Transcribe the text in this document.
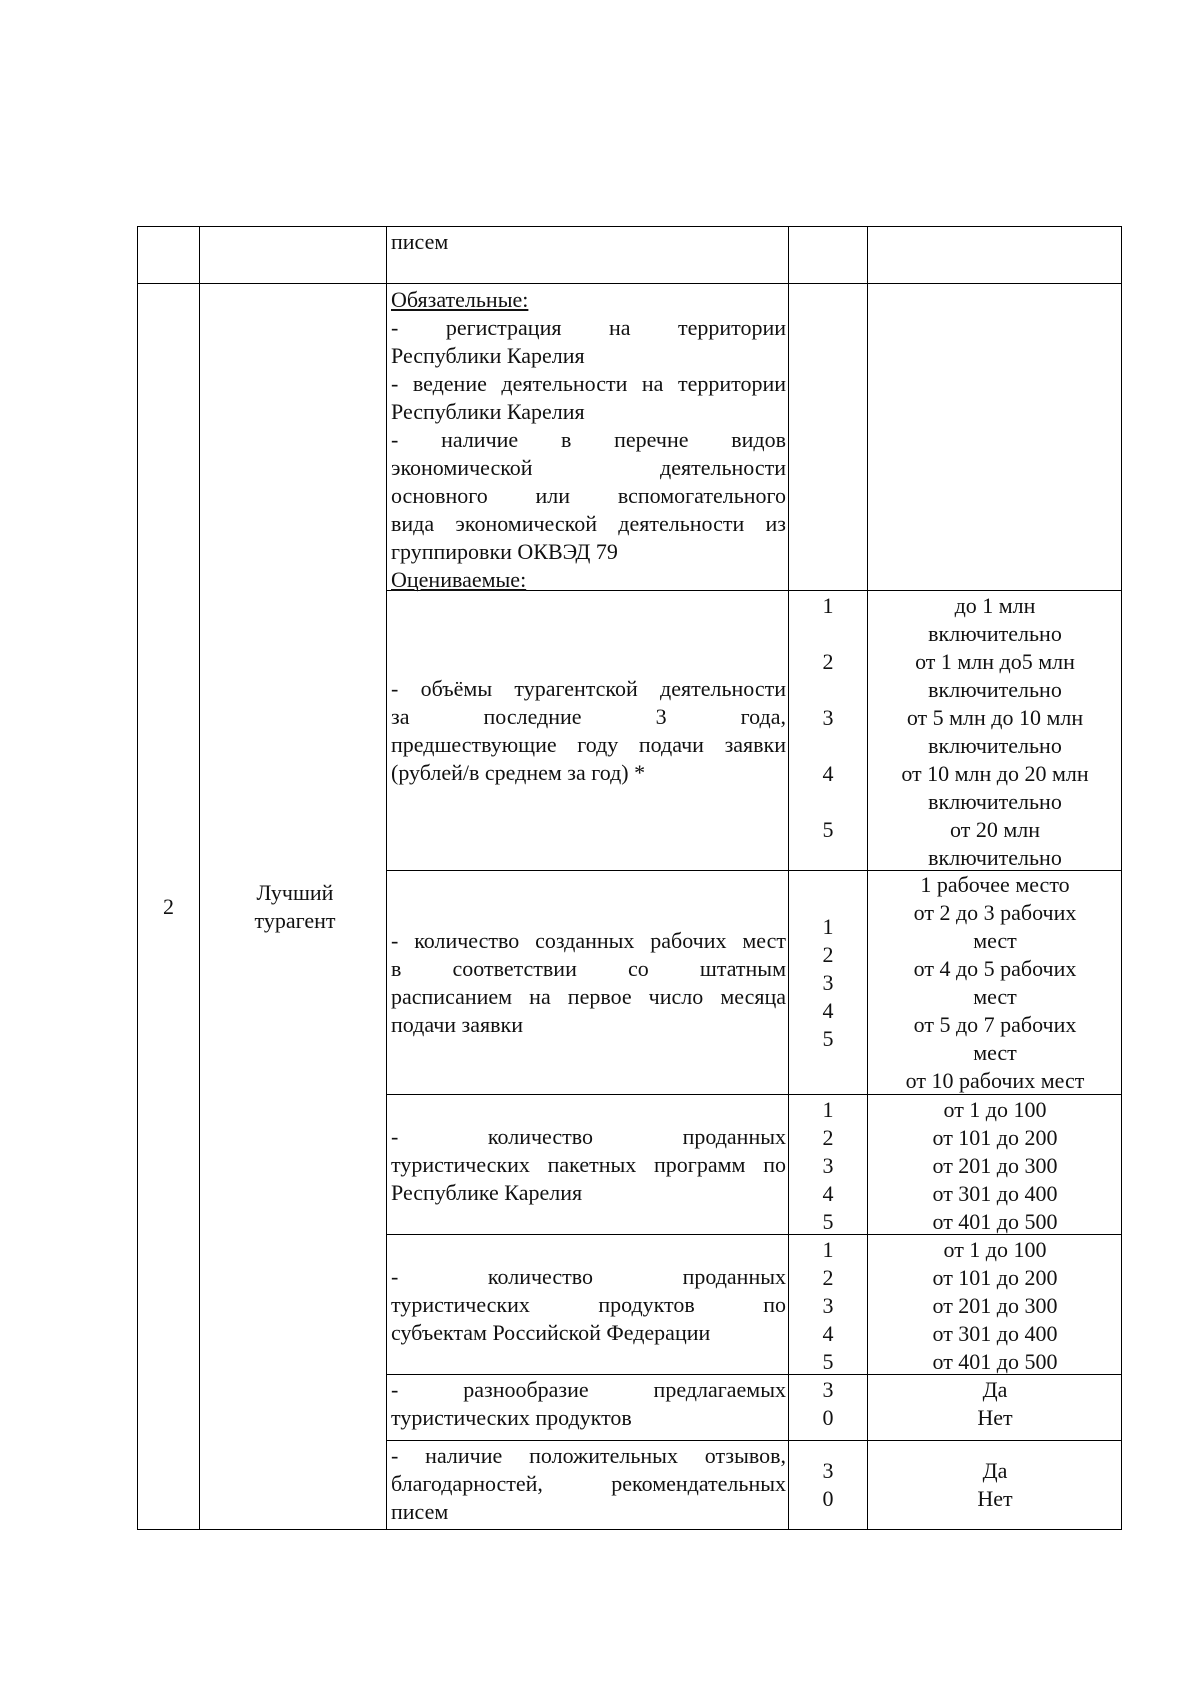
писем
2
Лучший турагент
Обязательные:
- регистрация на территории
Республики Карелия
- ведение деятельности на территории
Республики Карелия
- наличие в перечне видов
экономической деятельности
основного или вспомогательного
вида экономической деятельности из
группировки ОКВЭД 79
Оцениваемые:
- объёмы турагентской деятельности
за последние 3 года,
предшествующие году подачи заявки
(рублей/в среднем за год) *
1
2
3
4
5
до 1 млн
включительно
от 1 млн до5 млн
включительно
от 5 млн до 10 млн
включительно
от 10 млн до 20 млн
включительно
от 20 млн
включительно
- количество созданных рабочих мест
в соответствии со штатным
расписанием на первое число месяца
подачи заявки
1
2
3
4
5
1 рабочее место
от 2 до 3 рабочих
мест
от 4 до 5 рабочих
мест
от 5 до 7 рабочих
мест
от 10 рабочих мест
- количество проданных
туристических пакетных программ по
Республике Карелия
1
2
3
4
5
от 1 до 100
от 101 до 200
от 201 до 300
от 301 до 400
от 401 до 500
- количество проданных
туристических продуктов по
субъектам Российской Федерации
1
2
3
4
5
от 1 до 100
от 101 до 200
от 201 до 300
от 301 до 400
от 401 до 500
- разнообразие предлагаемых
туристических продуктов
3
0
Да
Нет
- наличие положительных отзывов,
благодарностей, рекомендательных
писем
3
0
Да
Нет
